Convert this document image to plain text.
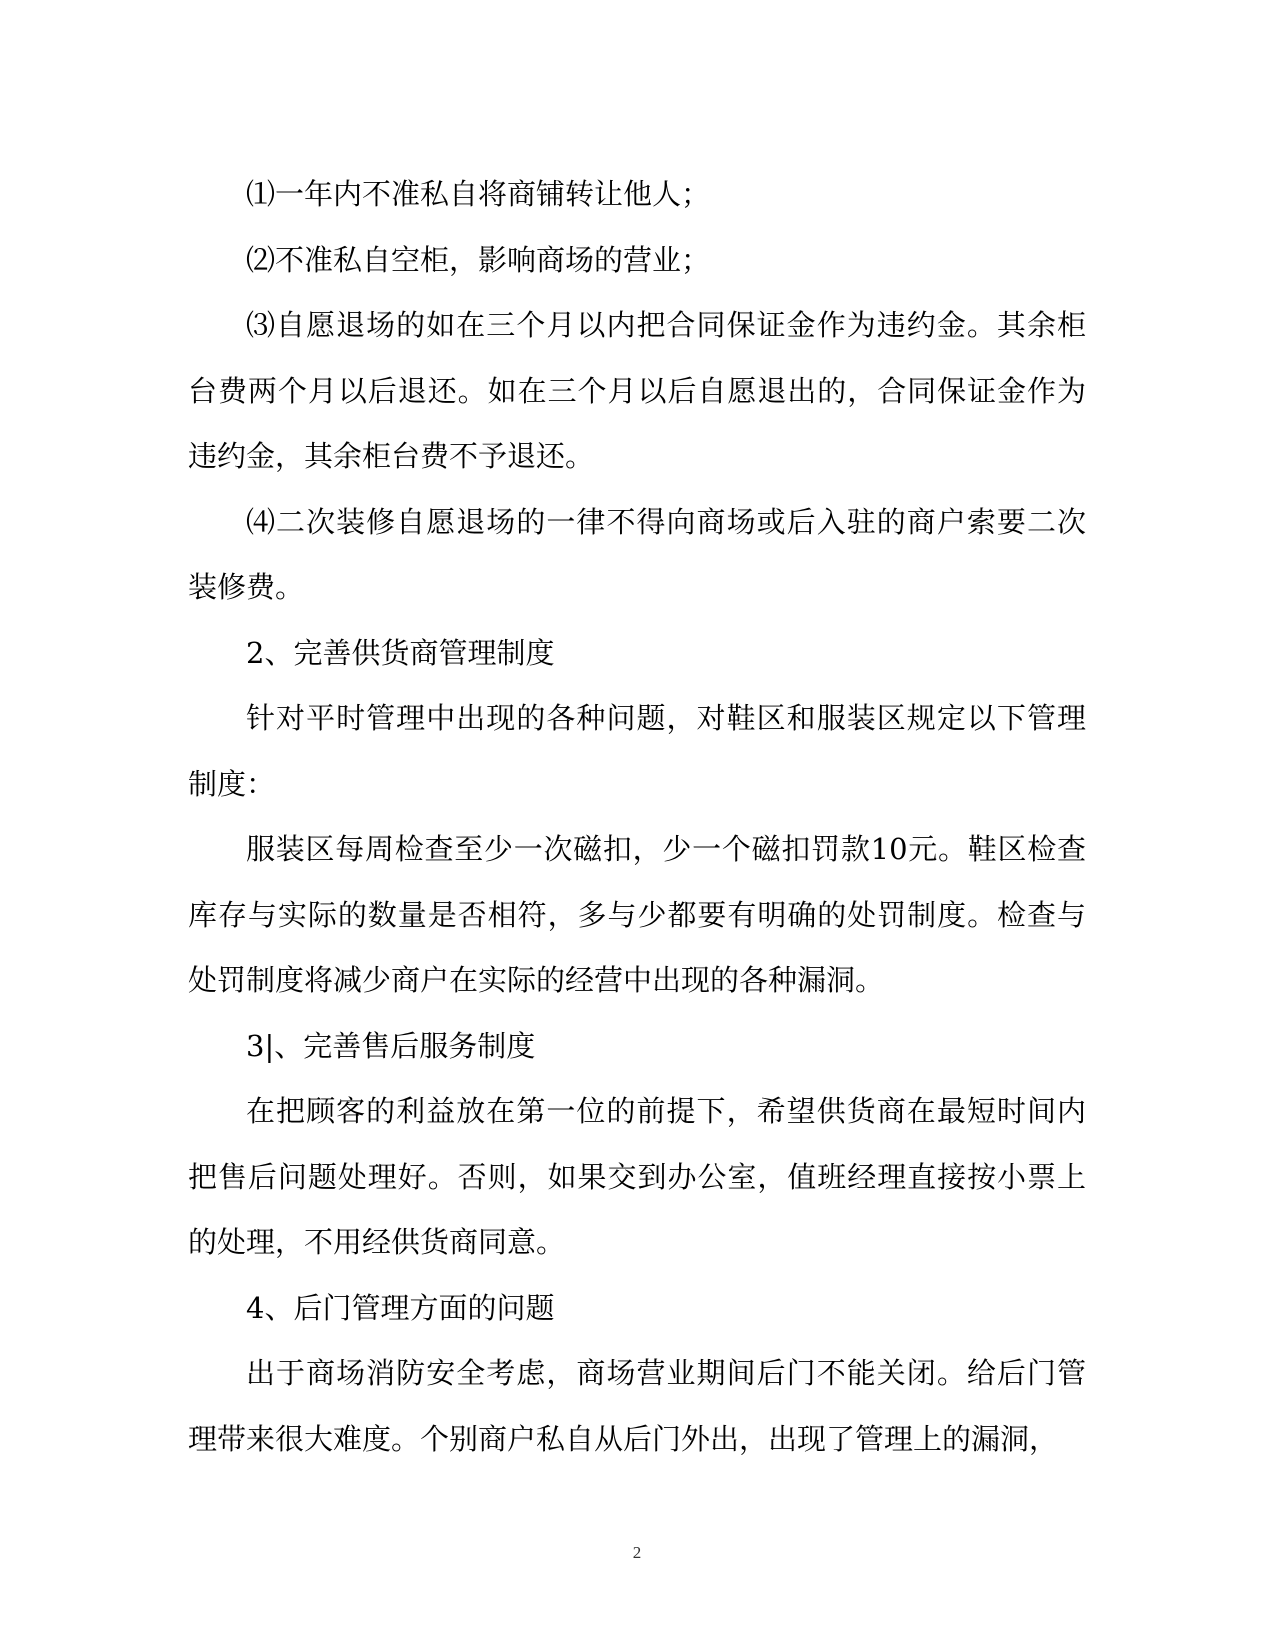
⑴一年内不准私自将商铺转让他人；

⑵不准私自空柜，影响商场的营业；

⑶自愿退场的如在三个月以内把合同保证金作为违约金。其余柜台费两个月以后退还。如在三个月以后自愿退出的，合同保证金作为违约金，其余柜台费不予退还。

⑷二次装修自愿退场的一律不得向商场或后入驻的商户索要二次装修费。

2、完善供货商管理制度

针对平时管理中出现的各种问题，对鞋区和服装区规定以下管理制度：

服装区每周检查至少一次磁扣，少一个磁扣罚款10元。鞋区检查库存与实际的数量是否相符，多与少都要有明确的处罚制度。检查与处罚制度将减少商户在实际的经营中出现的各种漏洞。

3|、完善售后服务制度

在把顾客的利益放在第一位的前提下，希望供货商在最短时间内把售后问题处理好。否则，如果交到办公室，值班经理直接按小票上的处理，不用经供货商同意。

4、后门管理方面的问题

出于商场消防安全考虑，商场营业期间后门不能关闭。给后门管理带来很大难度。个别商户私自从后门外出，出现了管理上的漏洞，

2
